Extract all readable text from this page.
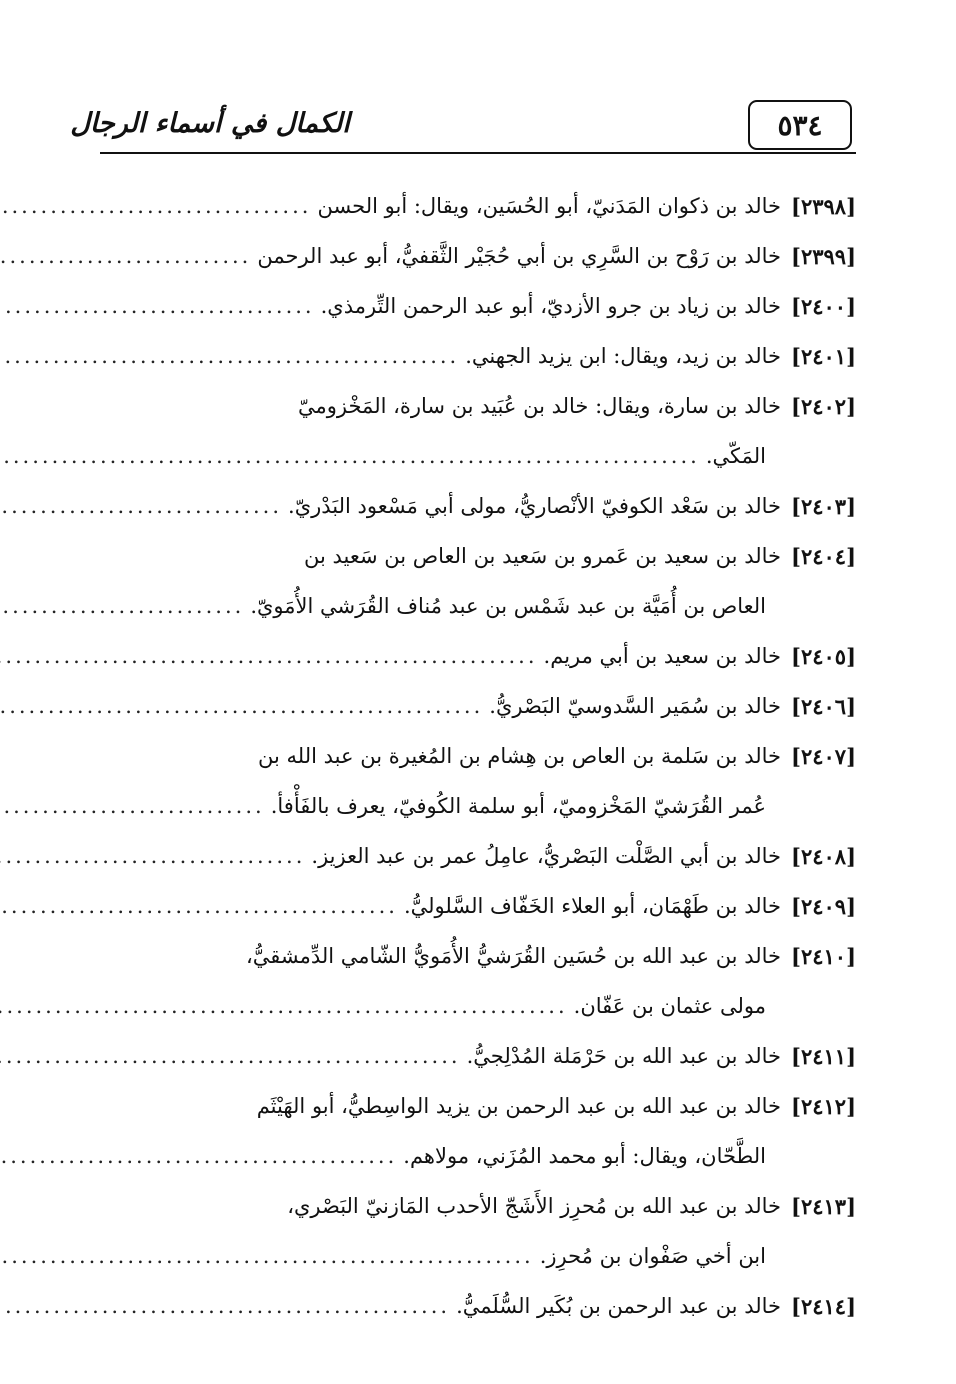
٥٣٤
الكمال في أسماء الرجال
[٢٣٩٨]
خالد بن ذكوان المَدَنيّ، أبو الحُسَين، ويقال: أبو الحسن
.....
[٢٣٩٩]
خالد بن رَوْح بن السَّرِي بن أبي حُجَيْر الثَّقفيُّ، أبو عبد الرحمن
.....
[٢٤٠٠]
خالد بن زياد بن جرو الأزديّ، أبو عبد الرحمن التِّرمذي.
.....
[٢٤٠١]
خالد بن زيد، ويقال: ابن يزيد الجهني.
.....
[٢٤٠٢]
خالد بن سارة، ويقال: خالد بن عُبَيد بن سارة، المَخْزوميّ
المَكّي.
.....
[٢٤٠٣]
خالد بن سَعْد الكوفيّ الأنْصاريُّ، مولى أبي مَسْعود البَدْريّ.
.....
[٢٤٠٤]
خالد بن سعيد بن عَمرو بن سَعيد بن العاص بن سَعيد بن
العاص بن أُمَيَّة بن عبد شَمْس بن عبد مُناف القُرَشي الأُمَويّ.
.....
[٢٤٠٥]
خالد بن سعيد بن أبي مريم.
.....
[٢٤٠٦]
خالد بن سُمَير السَّدوسيّ البَصْريُّ.
.....
[٢٤٠٧]
خالد بن سَلمة بن العاص بن هِشام بن المُغيرة بن عبد الله بن
عُمر القُرَشيّ المَخْزوميّ، أبو سلمة الكُوفيّ، يعرف بالفَأْفأ.
.....
[٢٤٠٨]
خالد بن أبي الصَّلْت البَصْريُّ، عامِلُ عمر بن عبد العزيز.
.....
[٢٤٠٩]
خالد بن طَهْمَان، أبو العلاء الخَفّاف السَّلوليُّ.
.....
[٢٤١٠]
خالد بن عبد الله بن حُسَين القُرَشيُّ الأُمَويُّ الشّامي الدِّمشقيُّ،
مولى عثمان بن عَفّان.
.....
[٢٤١١]
خالد بن عبد الله بن حَرْمَلة المُدْلِجيُّ.
.....
[٢٤١٢]
خالد بن عبد الله بن عبد الرحمن بن يزيد الواسِطيُّ، أبو الهَيْثَم
الطَّحّان، ويقال: أبو محمد المُزَني، مولاهم.
.....
[٢٤١٣]
خالد بن عبد الله بن مُحرِز الأَشَجّ الأحدب المَازنيّ البَصْري،
ابن أخي صَفْوان بن مُحرِز.
.....
[٢٤١٤]
خالد بن عبد الرحمن بن بُكَير السُّلَميُّ.
.....
